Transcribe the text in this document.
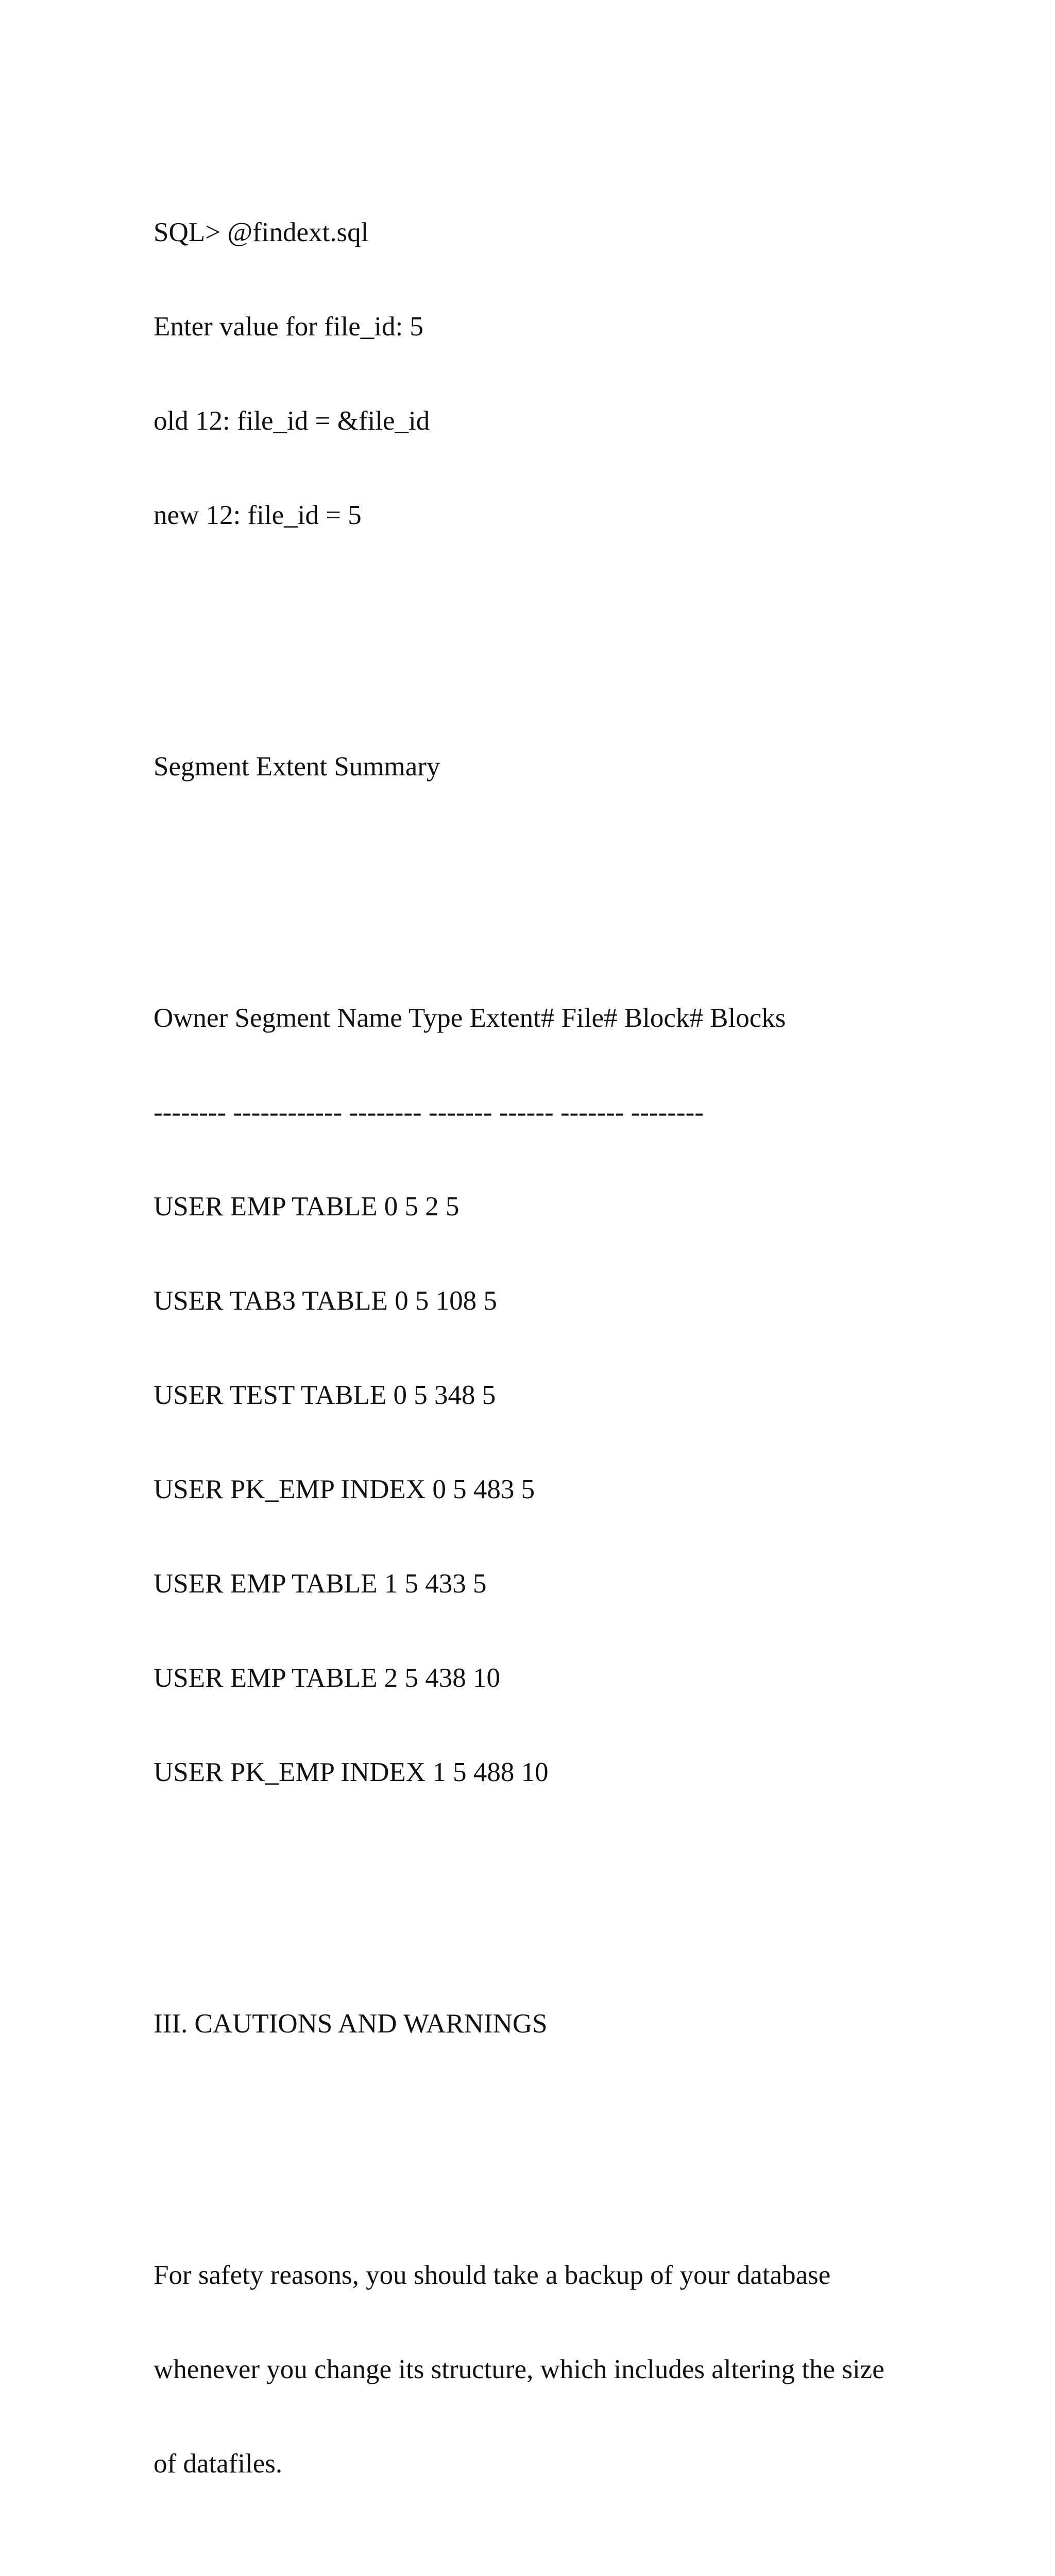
SQL> @findext.sql

Enter value for file_id: 5

old 12: file_id = &file_id

new 12: file_id = 5

Segment Extent Summary

Owner Segment Name Type Extent# File# Block# Blocks

-------- ------------ -------- ------- ------ ------- --------

USER EMP TABLE 0 5 2 5

USER TAB3 TABLE 0 5 108 5

USER TEST TABLE 0 5 348 5

USER PK_EMP INDEX 0 5 483 5

USER EMP TABLE 1 5 433 5

USER EMP TABLE 2 5 438 10

USER PK_EMP INDEX 1 5 488 10

III. CAUTIONS AND WARNINGS

For safety reasons, you should take a backup of your database

whenever you change its structure, which includes altering the size

of datafiles.
